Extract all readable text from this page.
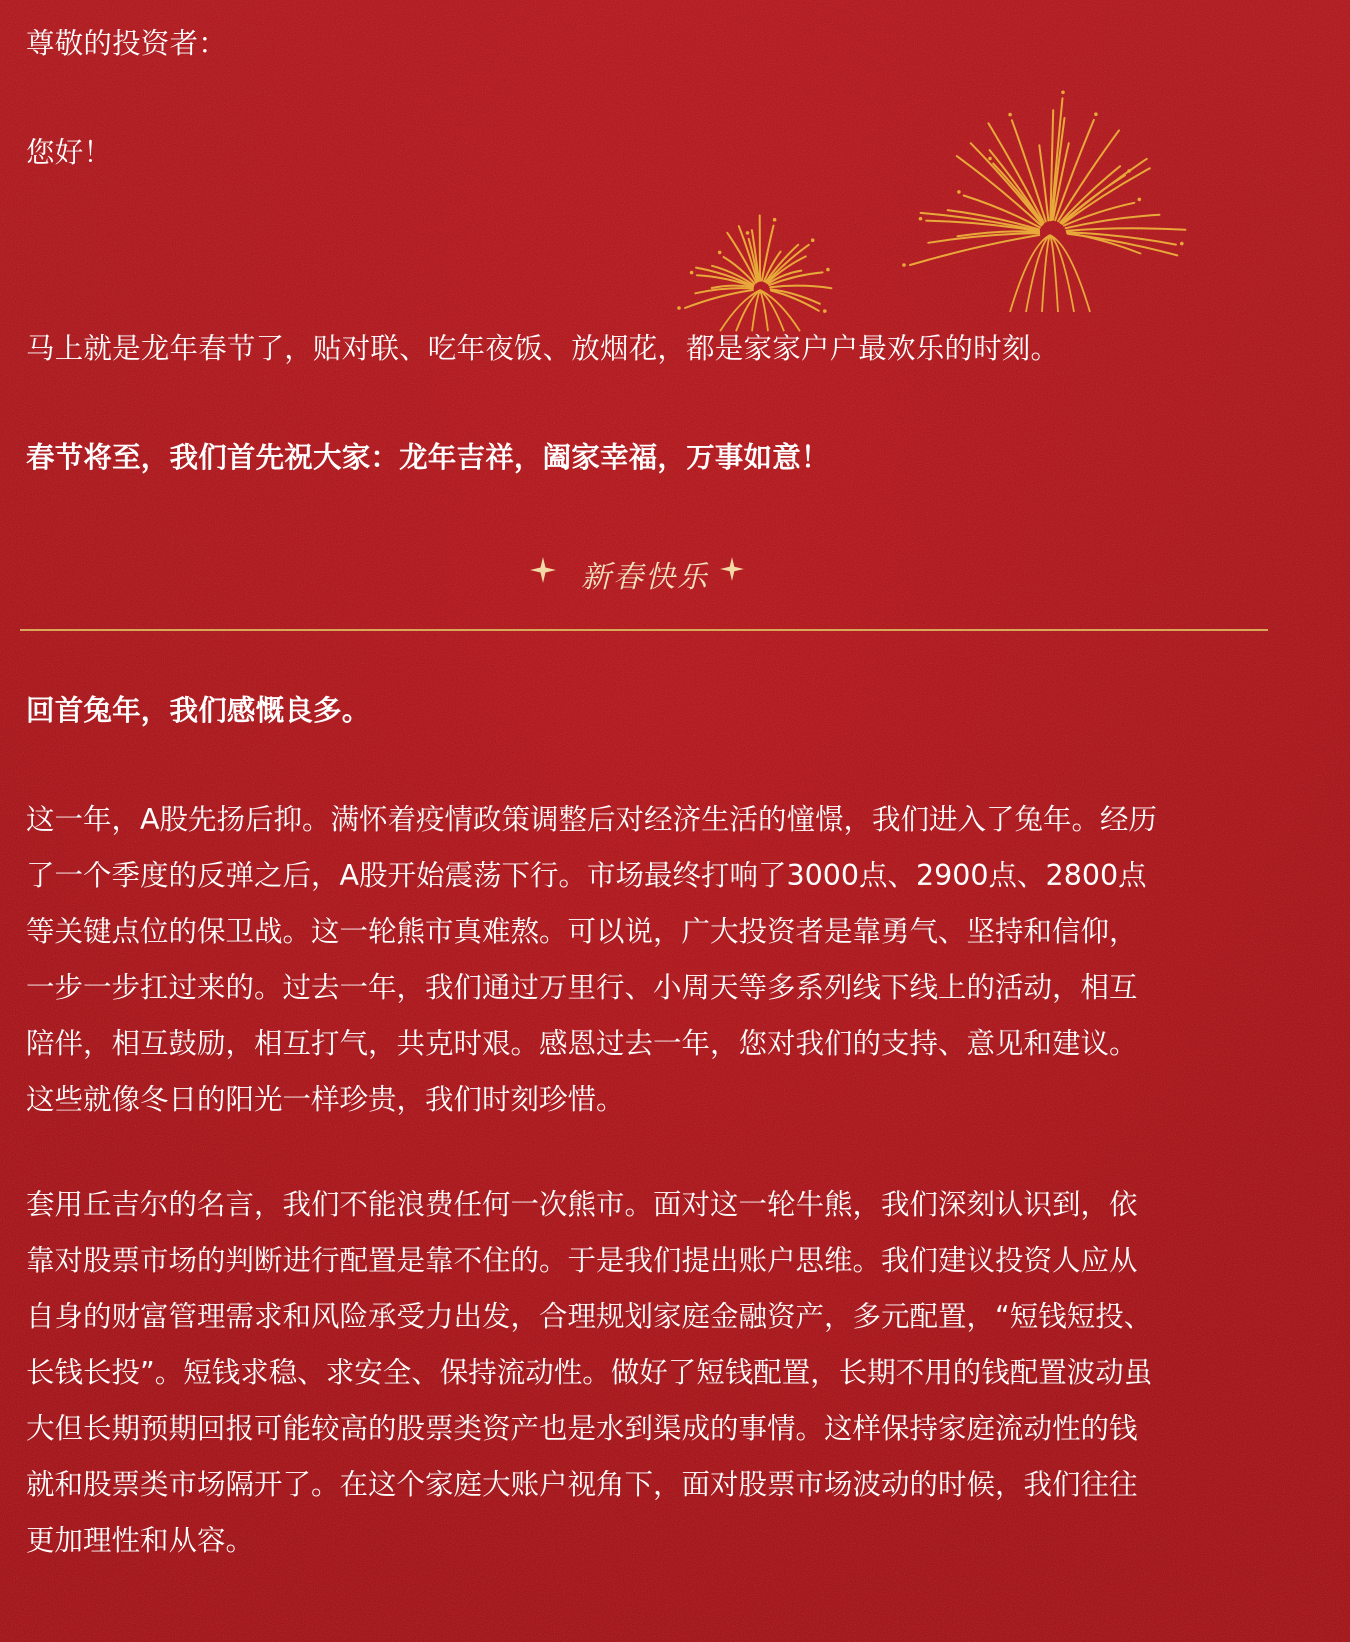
尊敬的投资者：

您好！

马上就是龙年春节了，贴对联、吃年夜饭、放烟花，都是家家户户最欢乐的时刻。

春节将至，我们首先祝大家：龙年吉祥，阖家幸福，万事如意！

新春快乐

回首兔年，我们感慨良多。

这一年，A股先扬后抑。满怀着疫情政策调整后对经济生活的憧憬，我们进入了兔年。经历
了一个季度的反弹之后，A股开始震荡下行。市场最终打响了3000点、2900点、2800点
等关键点位的保卫战。这一轮熊市真难熬。可以说，广大投资者是靠勇气、坚持和信仰，
一步一步扛过来的。过去一年，我们通过万里行、小周天等多系列线下线上的活动，相互
陪伴，相互鼓励，相互打气，共克时艰。感恩过去一年，您对我们的支持、意见和建议。
这些就像冬日的阳光一样珍贵，我们时刻珍惜。
套用丘吉尔的名言，我们不能浪费任何一次熊市。面对这一轮牛熊，我们深刻认识到，依
靠对股票市场的判断进行配置是靠不住的。于是我们提出账户思维。我们建议投资人应从
自身的财富管理需求和风险承受力出发，合理规划家庭金融资产，多元配置，“短钱短投、
长钱长投”。短钱求稳、求安全、保持流动性。做好了短钱配置，长期不用的钱配置波动虽
大但长期预期回报可能较高的股票类资产也是水到渠成的事情。这样保持家庭流动性的钱
就和股票类市场隔开了。在这个家庭大账户视角下，面对股票市场波动的时候，我们往往
更加理性和从容。
